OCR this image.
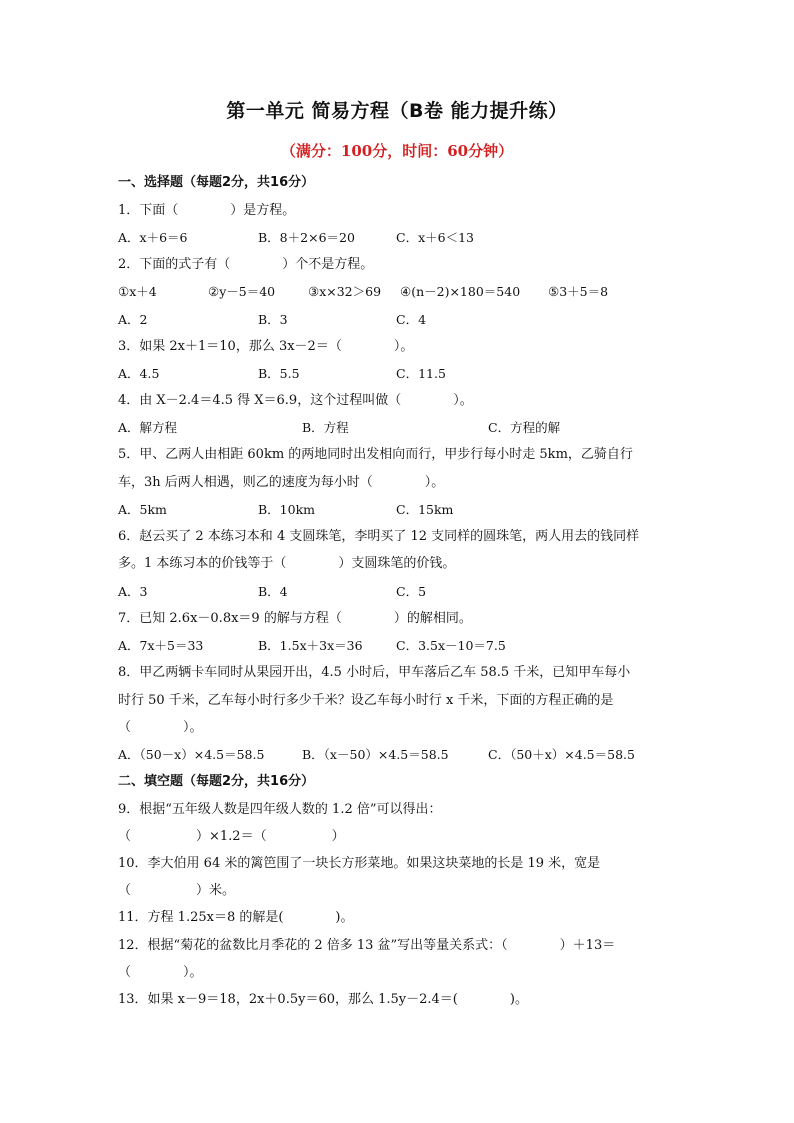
第一单元 简易方程（B卷 能力提升练）
（满分：100分，时间：60分钟）
一、选择题（每题2分，共16分）
1．下面（　　　　）是方程。
A．x＋6＝6	B．8＋2×6＝20	C．x＋6＜13
2．下面的式子有（　　　　）个不是方程。
①x＋4	②y－5＝40	③x×32＞69 ④(n－2)×180＝540 ⑤3＋5＝8
A．2	B．3	C．4
3．如果 2x＋1＝10，那么 3x－2＝（　　　　）。
A．4.5	B．5.5	C．11.5
4．由 X－2.4＝4.5 得 X＝6.9，这个过程叫做（　　　　）。
A．解方程	B．方程	C．方程的解
5．甲、乙两人由相距 60km 的两地同时出发相向而行，甲步行每小时走 5km，乙骑自行
车，3h 后两人相遇，则乙的速度为每小时（　　　　）。
A．5km	B．10km	C．15km
6．赵云买了 2 本练习本和 4 支圆珠笔，李明买了 12 支同样的圆珠笔，两人用去的钱同样
多。1 本练习本的价钱等于（　　　　）支圆珠笔的价钱。
A．3	B．4	C．5
7．已知 2.6x－0.8x＝9 的解与方程（　　　　）的解相同。
A．7x＋5＝33	B．1.5x＋3x＝36	C．3.5x－10＝7.5
8．甲乙两辆卡车同时从果园开出，4.5 小时后，甲车落后乙车 58.5 千米，已知甲车每小
时行 50 千米，乙车每小时行多少千米？设乙车每小时行 x 千米，下面的方程正确的是
（　　　　）。
A．（50－x）×4.5＝58.5	B．（x－50）×4.5＝58.5	C．（50＋x）×4.5＝58.5
二、填空题（每题2分，共16分）
9．根据“五年级人数是四年级人数的 1.2 倍”可以得出：
（　　　　　）×1.2＝（　　　　　）
10．李大伯用 64 米的篱笆围了一块长方形菜地。如果这块菜地的长是 19 米，宽是
（　　　　　）米。
11．方程 1.25x＝8 的解是(　　　　)。
12．根据“菊花的盆数比月季花的 2 倍多 13 盆”写出等量关系式：（　　　　）＋13＝
（　　　　）。
13．如果 x－9＝18，2x＋0.5y＝60，那么 1.5y－2.4＝(　　　　)。
